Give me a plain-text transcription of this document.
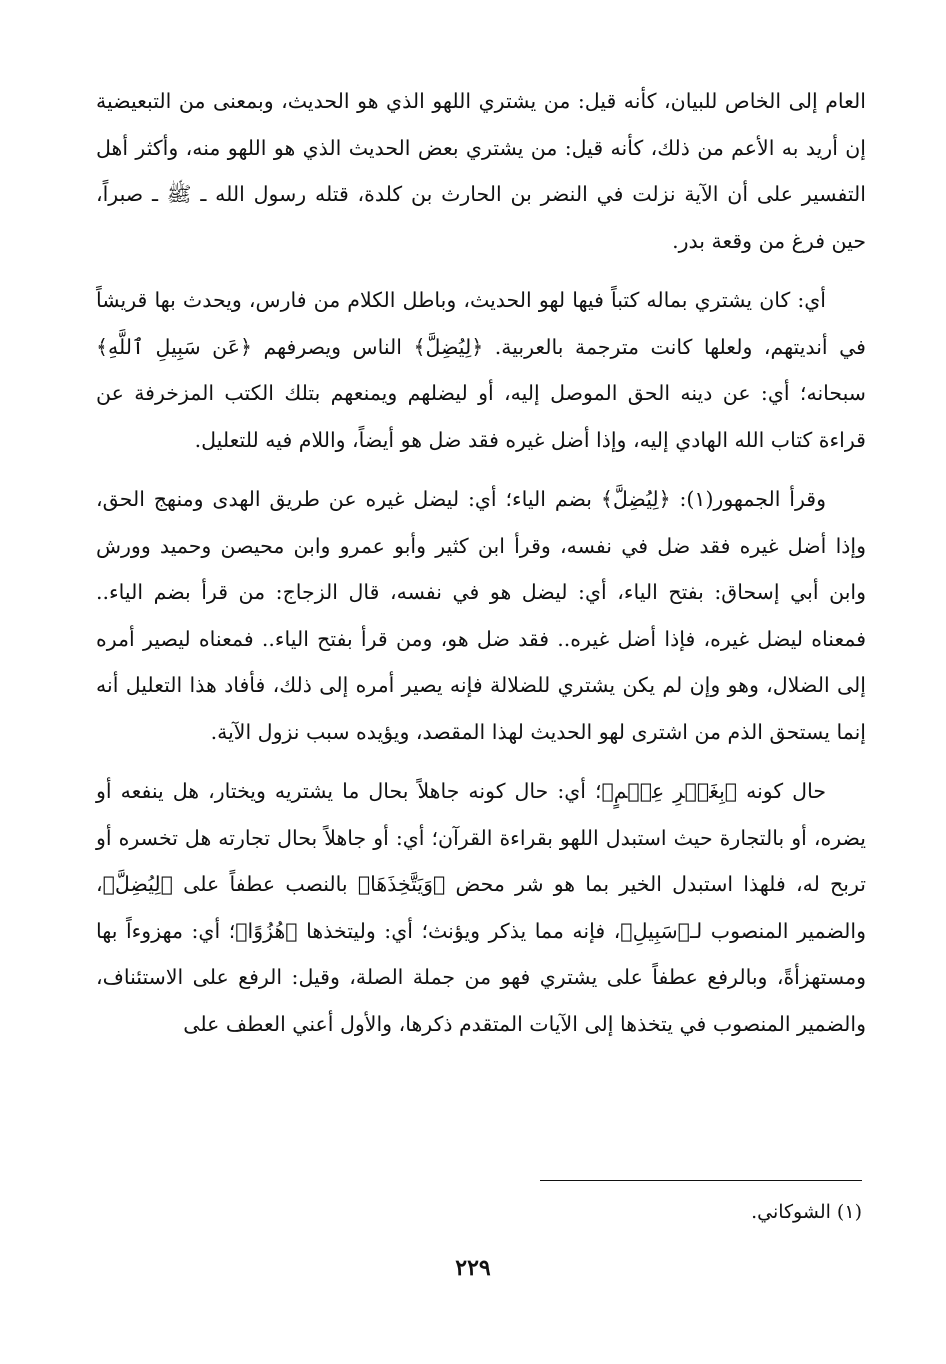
العام إلى الخاص للبيان، كأنه قيل: من يشتري اللهو الذي هو الحديث، وبمعنى من التبعيضية إن أريد به الأعم من ذلك، كأنه قيل: من يشتري بعض الحديث الذي هو اللهو منه، وأكثر أهل التفسير على أن الآية نزلت في النضر بن الحارث بن كلدة، قتله رسول الله ـ ﷺ ـ صبراً، حين فرغ من وقعة بدر.

أي: كان يشتري بماله كتباً فيها لهو الحديث، وباطل الكلام من فارس، ويحدث بها قريشاً في أنديتهم، ولعلها كانت مترجمة بالعربية. ﴿لِيُضِلَّ﴾ الناس ويصرفهم ﴿عَن سَبِيلِ ٱللَّهِ﴾ سبحانه؛ أي: عن دينه الحق الموصل إليه، أو ليضلهم ويمنعهم بتلك الكتب المزخرفة عن قراءة كتاب الله الهادي إليه، وإذا أضل غيره فقد ضل هو أيضاً، واللام فيه للتعليل.

وقرأ الجمهور(١): ﴿لِيُضِلَّ﴾ بضم الياء؛ أي: ليضل غيره عن طريق الهدى ومنهج الحق، وإذا أضل غيره فقد ضل في نفسه، وقرأ ابن كثير وأبو عمرو وابن محيصن وحميد وورش وابن أبي إسحاق: بفتح الياء، أي: ليضل هو في نفسه، قال الزجاج: من قرأ بضم الياء.. فمعناه ليضل غيره، فإذا أضل غيره.. فقد ضل هو، ومن قرأ بفتح الياء.. فمعناه ليصير أمره إلى الضلال، وهو وإن لم يكن يشتري للضلالة فإنه يصير أمره إلى ذلك، فأفاد هذا التعليل أنه إنما يستحق الذم من اشترى لهو الحديث لهذا المقصد، ويؤيده سبب نزول الآية.

حال كونه ﴿بِغَيۡرِ عِلۡمٍ﴾؛ أي: حال كونه جاهلاً بحال ما يشتريه ويختار، هل ينفعه أو يضره، أو بالتجارة حيث استبدل اللهو بقراءة القرآن؛ أي: أو جاهلاً بحال تجارته هل تخسره أو تربح له، فلهذا استبدل الخير بما هو شر محض ﴿وَيَتَّخِذَهَا﴾ بالنصب عطفاً على ﴿لِيُضِلَّ﴾، والضمير المنصوب لـ﴿سَبِيلِ﴾، فإنه مما يذكر ويؤنث؛ أي: وليتخذها ﴿هُزُوًا﴾؛ أي: مهزوءاً بها ومستهزأةً، وبالرفع عطفاً على يشتري فهو من جملة الصلة، وقيل: الرفع على الاستئناف، والضمير المنصوب في يتخذها إلى الآيات المتقدم ذكرها، والأول أعني العطف على

(١) الشوكاني.
٢٢٩
